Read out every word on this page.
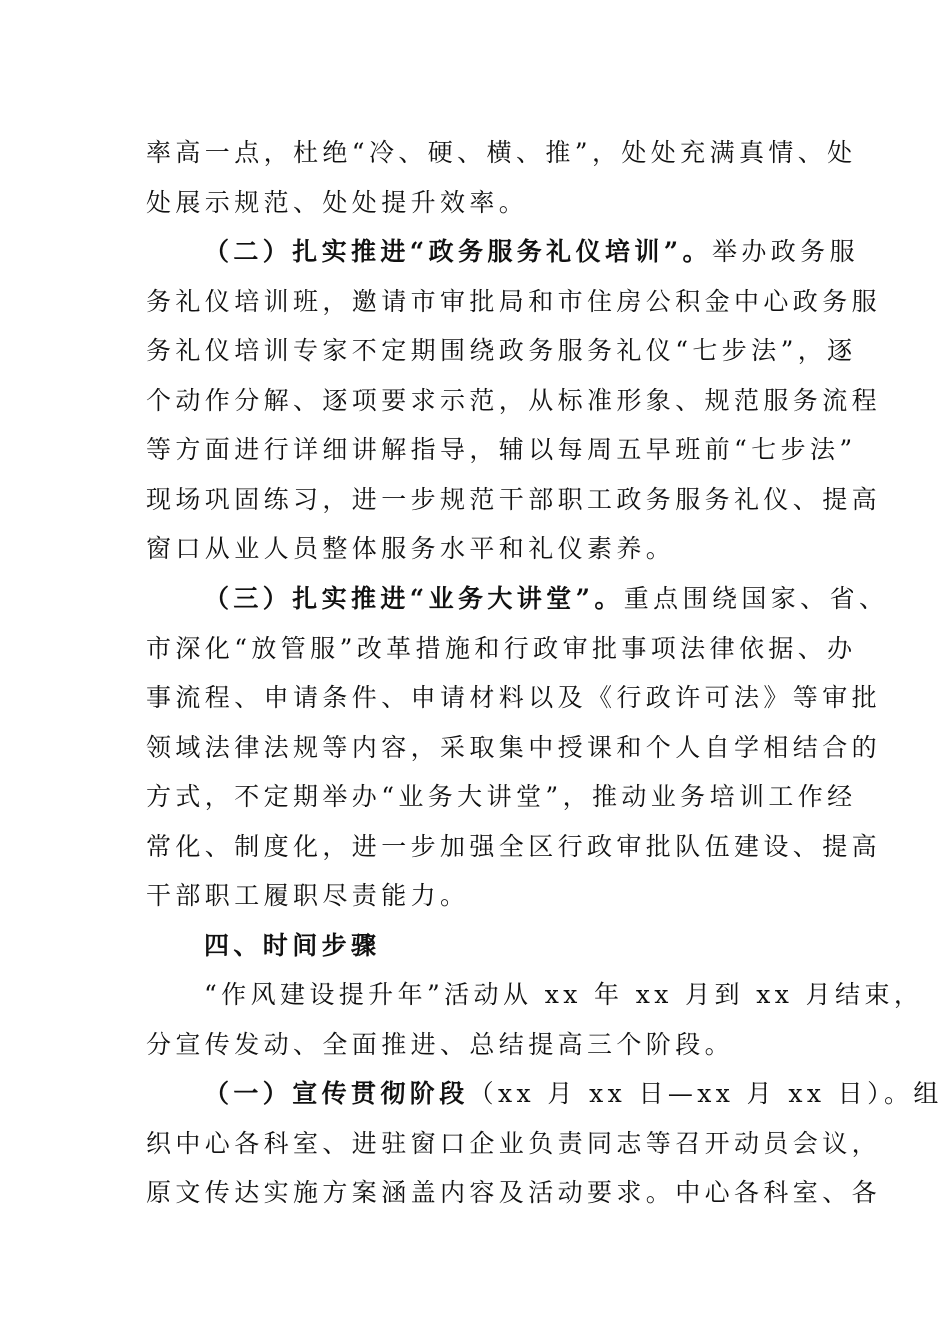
率高一点，杜绝“冷、硬、横、推”，处处充满真情、处
处展示规范、处处提升效率。
（二）扎实推进“政务服务礼仪培训”。举办政务服
务礼仪培训班，邀请市审批局和市住房公积金中心政务服
务礼仪培训专家不定期围绕政务服务礼仪“七步法”，逐
个动作分解、逐项要求示范，从标准形象、规范服务流程
等方面进行详细讲解指导，辅以每周五早班前“七步法”
现场巩固练习，进一步规范干部职工政务服务礼仪、提高
窗口从业人员整体服务水平和礼仪素养。
（三）扎实推进“业务大讲堂”。重点围绕国家、省、
市深化“放管服”改革措施和行政审批事项法律依据、办
事流程、申请条件、申请材料以及《行政许可法》等审批
领域法律法规等内容，采取集中授课和个人自学相结合的
方式，不定期举办“业务大讲堂”，推动业务培训工作经
常化、制度化，进一步加强全区行政审批队伍建设、提高
干部职工履职尽责能力。
四、时间步骤
“作风建设提升年”活动从 xx 年 xx 月到 xx 月结束，
分宣传发动、全面推进、总结提高三个阶段。
（一）宣传贯彻阶段（xx 月 xx 日—xx 月 xx 日）。组
织中心各科室、进驻窗口企业负责同志等召开动员会议，
原文传达实施方案涵盖内容及活动要求。中心各科室、各
